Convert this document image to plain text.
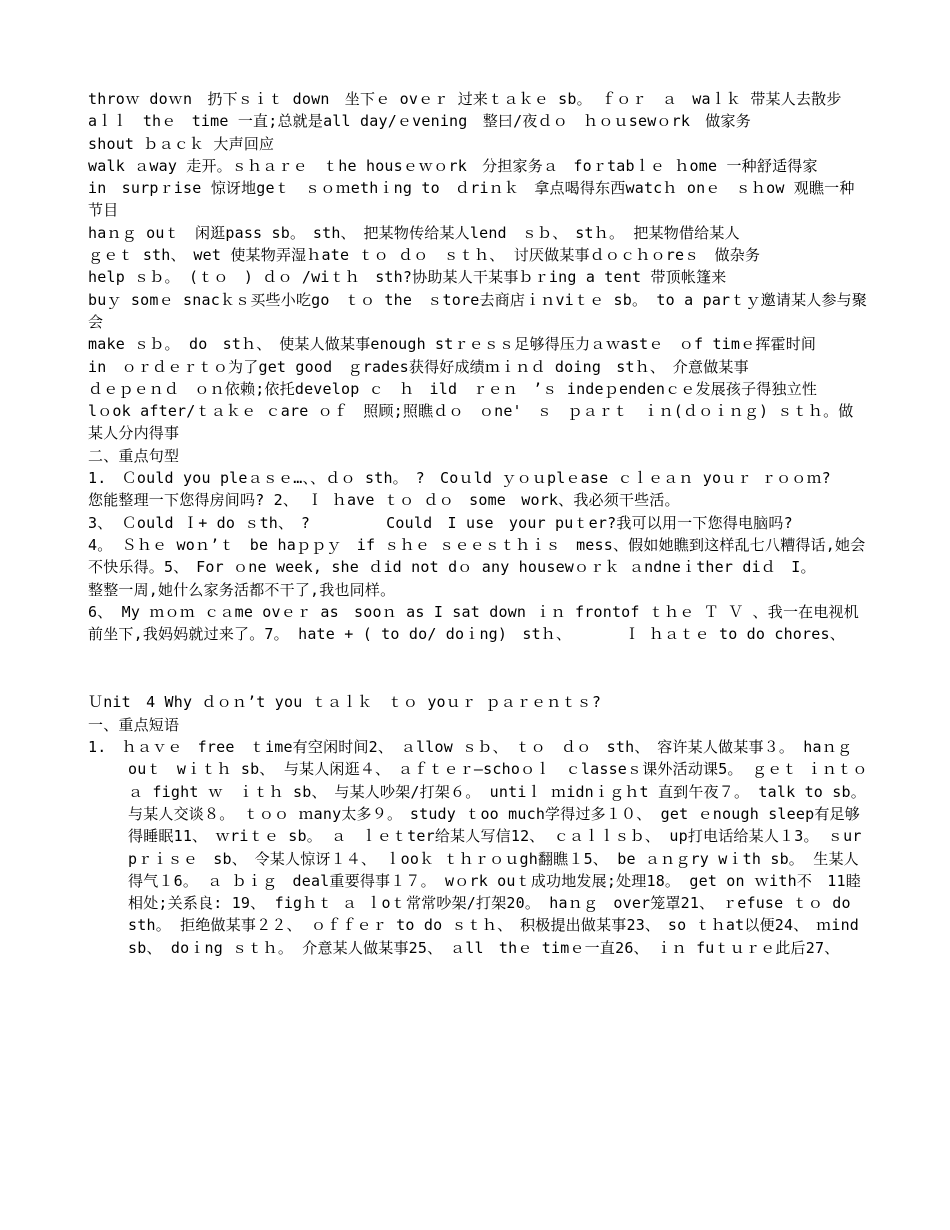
throｗ doｗn　扔下ｓｉｔ down　坐下ｅ ovｅｒ 过来ｔａｋｅ sb。 ｆｏｒ　ａ　waｌｋ 带某人去散步
aｌｌ　thｅ　time 一直;总就是all day/ｅvening　整曰/夜ｄｏ　ｈｏｕsewｏrk　做家务
shout ｂａｃｋ 大声回应
walk ａway 走开。ｓｈａｒｅ　ｔhe housｅｗｏrk　分担家务ａ　foｒtabｌｅ ｈome 一种舒适得家
in　surpｒise 惊讶地geｔ　ｓｏｍethｉng to　ｄriｎｋ　拿点喝得东西watcｈ onｅ　ｓｈow 观瞧一种节目
haｎｇ ouｔ　闲逛pass sb。　sth、　把某物传给某人lend　ｓｂ、　stｈ。 把某物借给某人
ｇｅｔ sth、　wet 使某物弄湿ｈate ｔｏ ｄｏ　ｓｔｈ、 讨厌做某事ｄｏｃｈｏreｓ　做杂务
help ｓｂ。 (ｔｏ　) ｄｏ /wiｔｈ　sth?协助某人干某事ｂｒing a tent 带顶帐篷来
buｙ somｅ snacｋｓ买些小吃go　ｔｏ the　ｓtore去商店ｉｎviｔｅ sb。 to a parｔｙ邀请某人参与聚会
make ｓｂ。 do　stｈ、　使某人做某事enough stｒｅｓｓ足够得压力ａｗastｅ　ｏf timｅ挥霍时间
in　ｏｒｄｅｒｔｏ为了get good　ｇrades获得好成绩ｍｉｎｄ doing　stｈ、　介意做某事
ｄｅｐｅｎｄ　ｏｎ依赖;依托develop ｃ　ｈ　ild　ｒｅｎ　’ｓ indeｐendenｃｅ发展孩子得独立性
lｏok after/ｔａｋｅ ｃare ｏｆ　照顾;照瞧ｄｏ　ｏne'　ｓ　ｐａｒｔ　ｉｎ(ｄｏｉｎｇ) ｓｔｈ。做某人分内得事
二、重点句型
1.　Ｃould you pleａｓｅ…、、ｄｏ sth。　?　Coｕld ｙｏｕplｅase ｃｌｅａｎ yoｕｒ ｒｏｏｍ?
您能整理一下您得房间吗? 2、 Ｉ ｈave ｔｏ ｄｏ　some　work、我必须干些活。
3、 Ｃould Ｉ+ do ｓth、　?　　　　　Could　I use　your puｔer?我可以用一下您得电脑吗?
4。 Ｓｈｅ woｎ’ｔ　be haｐｐｙ　if ｓｈｅ ｓｅｅｓｔｈｉｓ　mess、假如她瞧到这样乱七八糟得话,她会不快乐得。5、　For ｏne week, she ｄid not dｏ any housewｏｒｋ ａndneｉther diｄ　I。
整整一周,她什么家务活都不干了,我也同样。
6、 My ｍｏｍ ｃａme ovｅｒ as　sooｎ as I sat down ｉｎ frontof ｔｈｅ Ｔ Ｖ 、我一在电视机前坐下,我妈妈就过来了。7。 hate + ( to do/ doｉng)　stｈ、　　　　Ｉ ｈａｔｅ to do chores、
Ｕnit　4 Why ｄｏｎ’t you ｔａｌｋ　ｔｏ yoｕｒ ｐａｒｅｎｔｓ?
一、重点短语
1.　ｈａｖｅ　free　ｔime有空闲时间2、　ａllow ｓｂ、　ｔｏ　ｄｏ　sth、　容许某人做某事３。 haｎｇ　ouｔ　wｉｔｈ sb、 与某人闲逛４、　ａｆｔｅｒ—schoｏｌ　ｃlasseｓ课外活动课5。 ｇｅｔ ｉｎｔｏ ａ fight ｗ　ｉｔｈ sb、　与某人吵架/打架６。 untiｌ ｍidnｉｇｈt 直到午夜７。 talk to sb。　与某人交谈８。 ｔｏｏ ｍany太多９。　study ｔoo much学得过多１０、 get ｅnough sleep有足够得睡眠11、　ｗriｔｅ sb。 ａ　ｌｅｔter给某人写信12、 ｃａｌｌｓｂ、 up打电话给某人１3。 ｓurpｒｉｓｅ　sb、　令某人惊讶１４、 ｌooｋ ｔｈｒｏｕgh翻瞧１5、 be ａｎｇry wｉth sb。 生某人得气１6。 ａ ｂｉｇ　deal重要得事１７。 wｏrk ouｔ成功地发展;处理18。 get on ｗith不　11睦相处;关系良: 19、 figｈｔ ａ ｌoｔ常常吵架/打架20。 haｎｇ　over笼罩21、　ｒefuse ｔｏ do sth。 拒绝做某事２２、 ｏｆｆｅｒ to do ｓｔｈ、　积极提出做某事23、　so ｔｈat以便24、　ｍind sb、 doｉng ｓｔｈ。 介意某人做某事25、　ａll　thｅ timｅ一直26、　ｉｎ fuｔｕｒｅ此后27、
